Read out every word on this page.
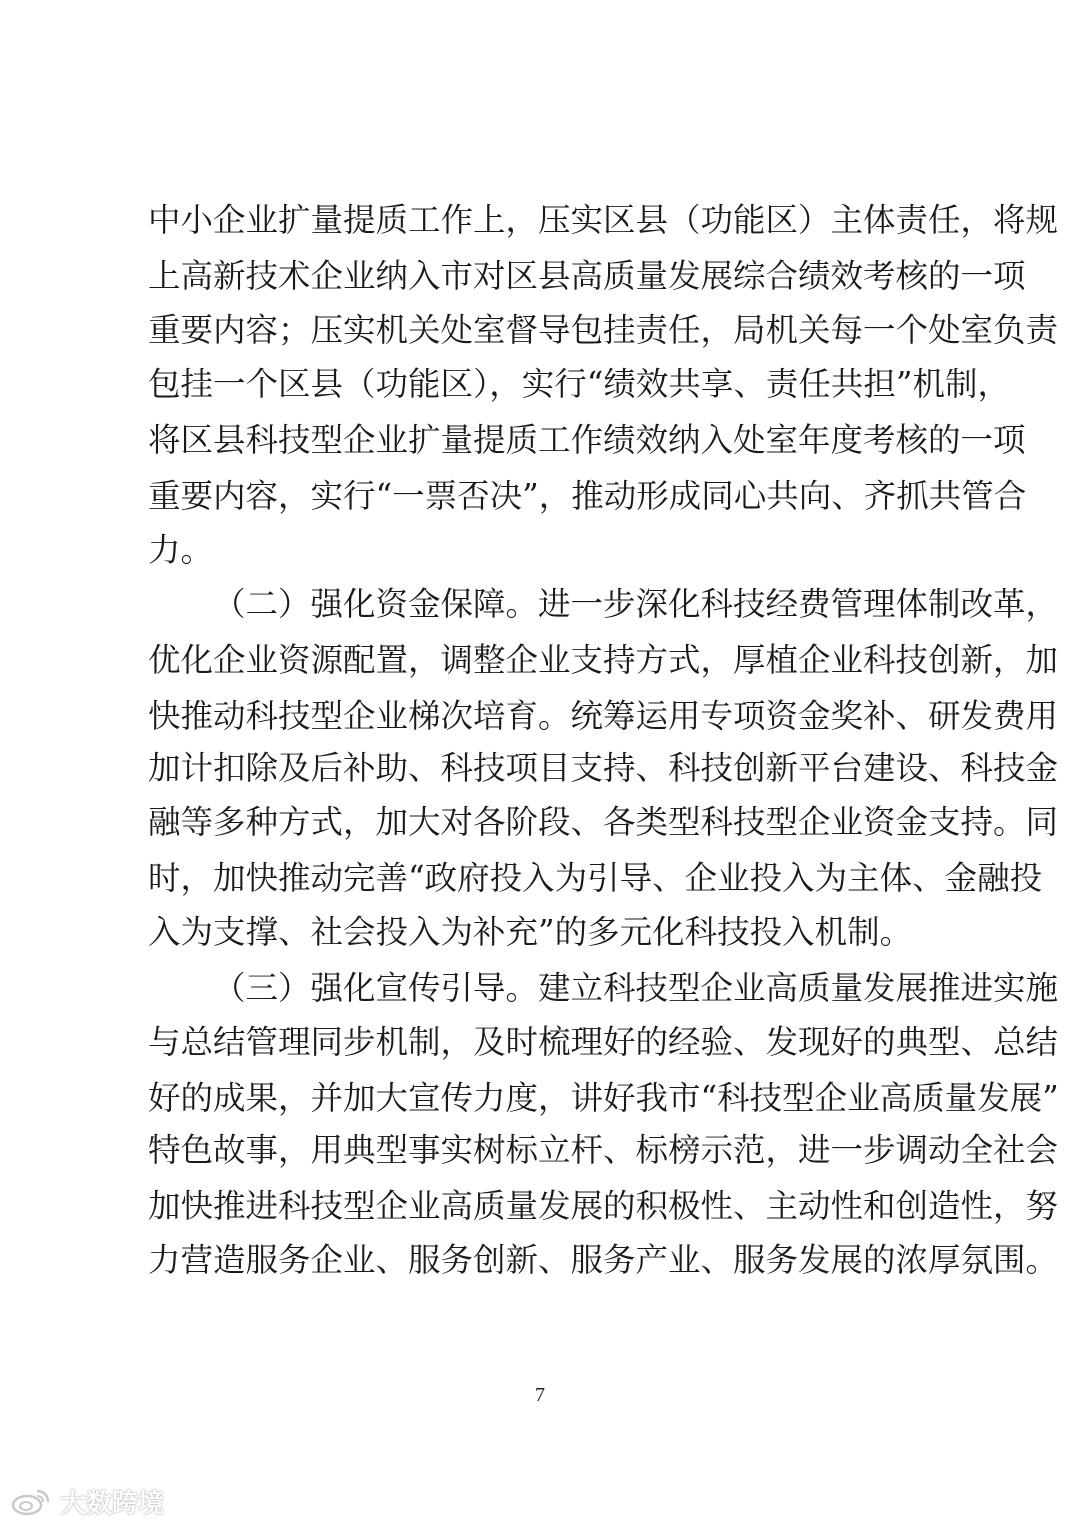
中小企业扩量提质工作上，压实区县（功能区）主体责任，将规
上高新技术企业纳入市对区县高质量发展综合绩效考核的一项
重要内容；压实机关处室督导包挂责任，局机关每一个处室负责
包挂一个区县（功能区），实行“绩效共享、责任共担”机制，
将区县科技型企业扩量提质工作绩效纳入处室年度考核的一项
重要内容，实行“一票否决”，推动形成同心共向、齐抓共管合
力。
（二）强化资金保障。进一步深化科技经费管理体制改革，
优化企业资源配置，调整企业支持方式，厚植企业科技创新，加
快推动科技型企业梯次培育。统筹运用专项资金奖补、研发费用
加计扣除及后补助、科技项目支持、科技创新平台建设、科技金
融等多种方式，加大对各阶段、各类型科技型企业资金支持。同
时，加快推动完善“政府投入为引导、企业投入为主体、金融投
入为支撑、社会投入为补充”的多元化科技投入机制。
（三）强化宣传引导。建立科技型企业高质量发展推进实施
与总结管理同步机制，及时梳理好的经验、发现好的典型、总结
好的成果，并加大宣传力度，讲好我市“科技型企业高质量发展”
特色故事，用典型事实树标立杆、标榜示范，进一步调动全社会
加快推进科技型企业高质量发展的积极性、主动性和创造性，努
力营造服务企业、服务创新、服务产业、服务发展的浓厚氛围。
7
大数跨境
